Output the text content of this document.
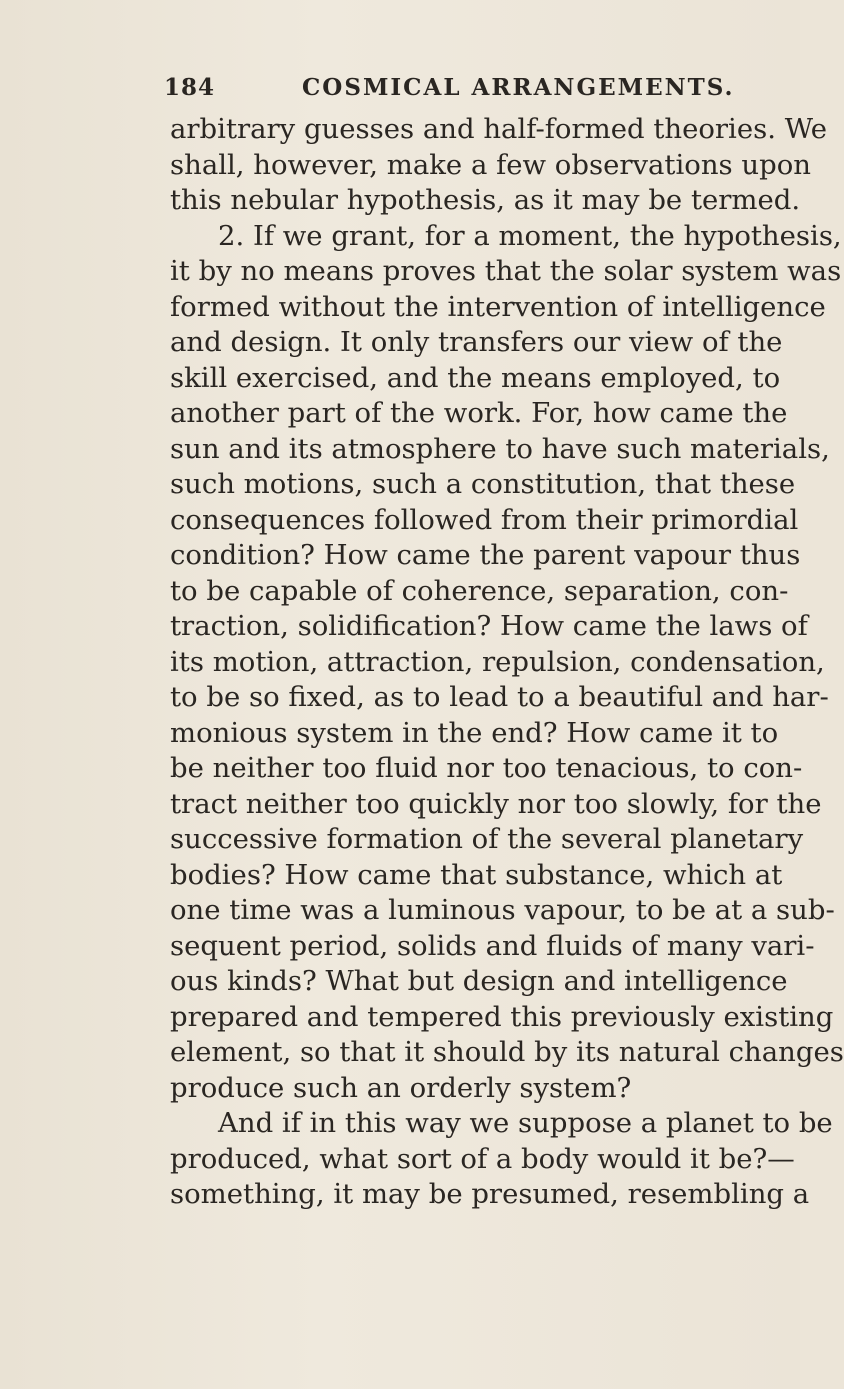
184	COSMICAL ARRANGEMENTS.
arbitrary guesses and half-formed theories. We
shall, however, make a few observations upon
this nebular hypothesis, as it may be termed.
2. If we grant, for a moment, the hypothesis,
it by no means proves that the solar system was
formed without the intervention of intelligence
and design. It only transfers our view of the
skill exercised, and the means employed, to
another part of the work. For, how came the
sun and its atmosphere to have such materials,
such motions, such a constitution, that these
consequences followed from their primordial
condition? How came the parent vapour thus
to be capable of coherence, separation, con-
traction, solidification? How came the laws of
its motion, attraction, repulsion, condensation,
to be so fixed, as to lead to a beautiful and har-
monious system in the end? How came it to
be neither too fluid nor too tenacious, to con-
tract neither too quickly nor too slowly, for the
successive formation of the several planetary
bodies? How came that substance, which at
one time was a luminous vapour, to be at a sub-
sequent period, solids and fluids of many vari-
ous kinds? What but design and intelligence
prepared and tempered this previously existing
element, so that it should by its natural changes
produce such an orderly system?
And if in this way we suppose a planet to be
produced, what sort of a body would it be?—
something, it may be presumed, resembling a
